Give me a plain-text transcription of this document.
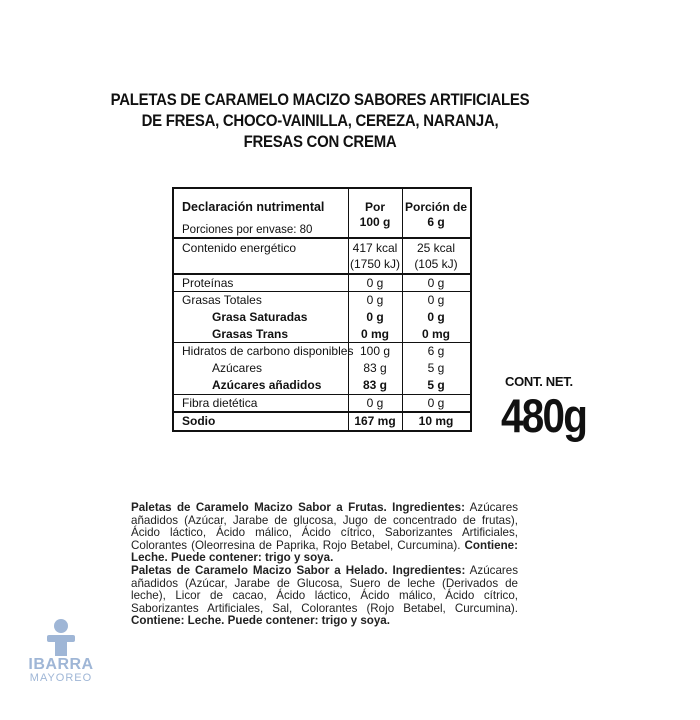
PALETAS DE CARAMELO MACIZO SABORES ARTIFICIALES
DE FRESA, CHOCO-VAINILLA, CEREZA, NARANJA,
FRESAS CON CREMA
Declaración nutrimental	Por	Porción de
100 g	6 g
Porciones por envase: 80
Contenido energético	417 kcal	25 kcal
(1750 kJ)	(105 kJ)
Proteínas	0 g	0 g
Grasas Totales	0 g	0 g
Grasa Saturadas	0 g	0 g
Grasas Trans	0 mg	0 mg
Hidratos de carbono disponibles 100 g	6 g
Azúcares	83 g	5 g
Azúcares añadidos	83 g	5 g
Fibra dietética	0 g	0 g
Sodio	167 mg	10 mg
CONT. NET.
480g

Paletas de Caramelo Macizo Sabor a Frutas. Ingredientes: Azúcares añadidos (Azúcar, Jarabe de glucosa, Jugo de concentrado de frutas), Ácido láctico, Ácido málico, Ácido cítrico, Saborizantes Artificiales, Colorantes (Oleorresina de Paprika, Rojo Betabel, Curcumina). Contiene: Leche. Puede contener: trigo y soya.

Paletas de Caramelo Macizo Sabor a Helado. Ingredientes: Azúcares añadidos (Azúcar, Jarabe de Glucosa, Suero de leche (Derivados de leche), Licor de cacao, Ácido láctico, Ácido málico, Ácido cítrico, Saborizantes Artificiales, Sal, Colorantes (Rojo Betabel, Curcumina). Contiene: Leche. Puede contener: trigo y soya.

IBARRA
MAYOREO
